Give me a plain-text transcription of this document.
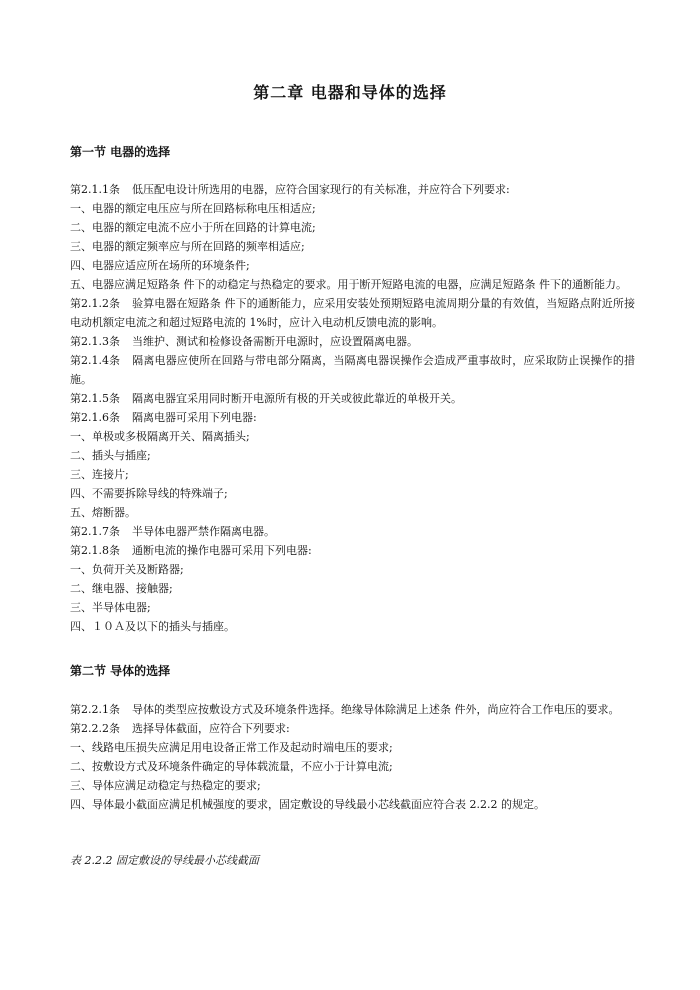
第二章 电器和导体的选择
第一节 电器的选择
第2.1.1条 低压配电设计所选用的电器，应符合国家现行的有关标准，并应符合下列要求:
一、电器的额定电压应与所在回路标称电压相适应;
二、电器的额定电流不应小于所在回路的计算电流;
三、电器的额定频率应与所在回路的频率相适应;
四、电器应适应所在场所的环境条件;
五、电器应满足短路条 件下的动稳定与热稳定的要求。用于断开短路电流的电器，应满足短路条 件下的通断能力。
第2.1.2条 验算电器在短路条 件下的通断能力，应采用安装处预期短路电流周期分量的有效值，当短路点附近所接电动机额定电流之和超过短路电流的 1%时，应计入电动机反馈电流的影响。
第2.1.3条 当维护、测试和检修设备需断开电源时，应设置隔离电器。
第2.1.4条 隔离电器应使所在回路与带电部分隔离，当隔离电器误操作会造成严重事故时，应采取防止误操作的措施。
第2.1.5条 隔离电器宜采用同时断开电源所有极的开关或彼此靠近的单极开关。
第2.1.6条 隔离电器可采用下列电器:
一、单极或多极隔离开关、隔离插头;
二、插头与插座;
三、连接片;
四、不需要拆除导线的特殊端子;
五、熔断器。
第2.1.7条 半导体电器严禁作隔离电器。
第2.1.8条 通断电流的操作电器可采用下列电器:
一、负荷开关及断路器;
二、继电器、接触器;
三、半导体电器;
四、１０Ａ及以下的插头与插座。
第二节 导体的选择
第2.2.1条 导体的类型应按敷设方式及环境条件选择。绝缘导体除满足上述条 件外，尚应符合工作电压的要求。
第2.2.2条 选择导体截面，应符合下列要求:
一、线路电压损失应满足用电设备正常工作及起动时端电压的要求;
二、按敷设方式及环境条件确定的导体载流量，不应小于计算电流;
三、导体应满足动稳定与热稳定的要求;
四、导体最小截面应满足机械强度的要求，固定敷设的导线最小芯线截面应符合表 2.2.2 的规定。
表 2.2.2 固定敷设的导线最小芯线截面
